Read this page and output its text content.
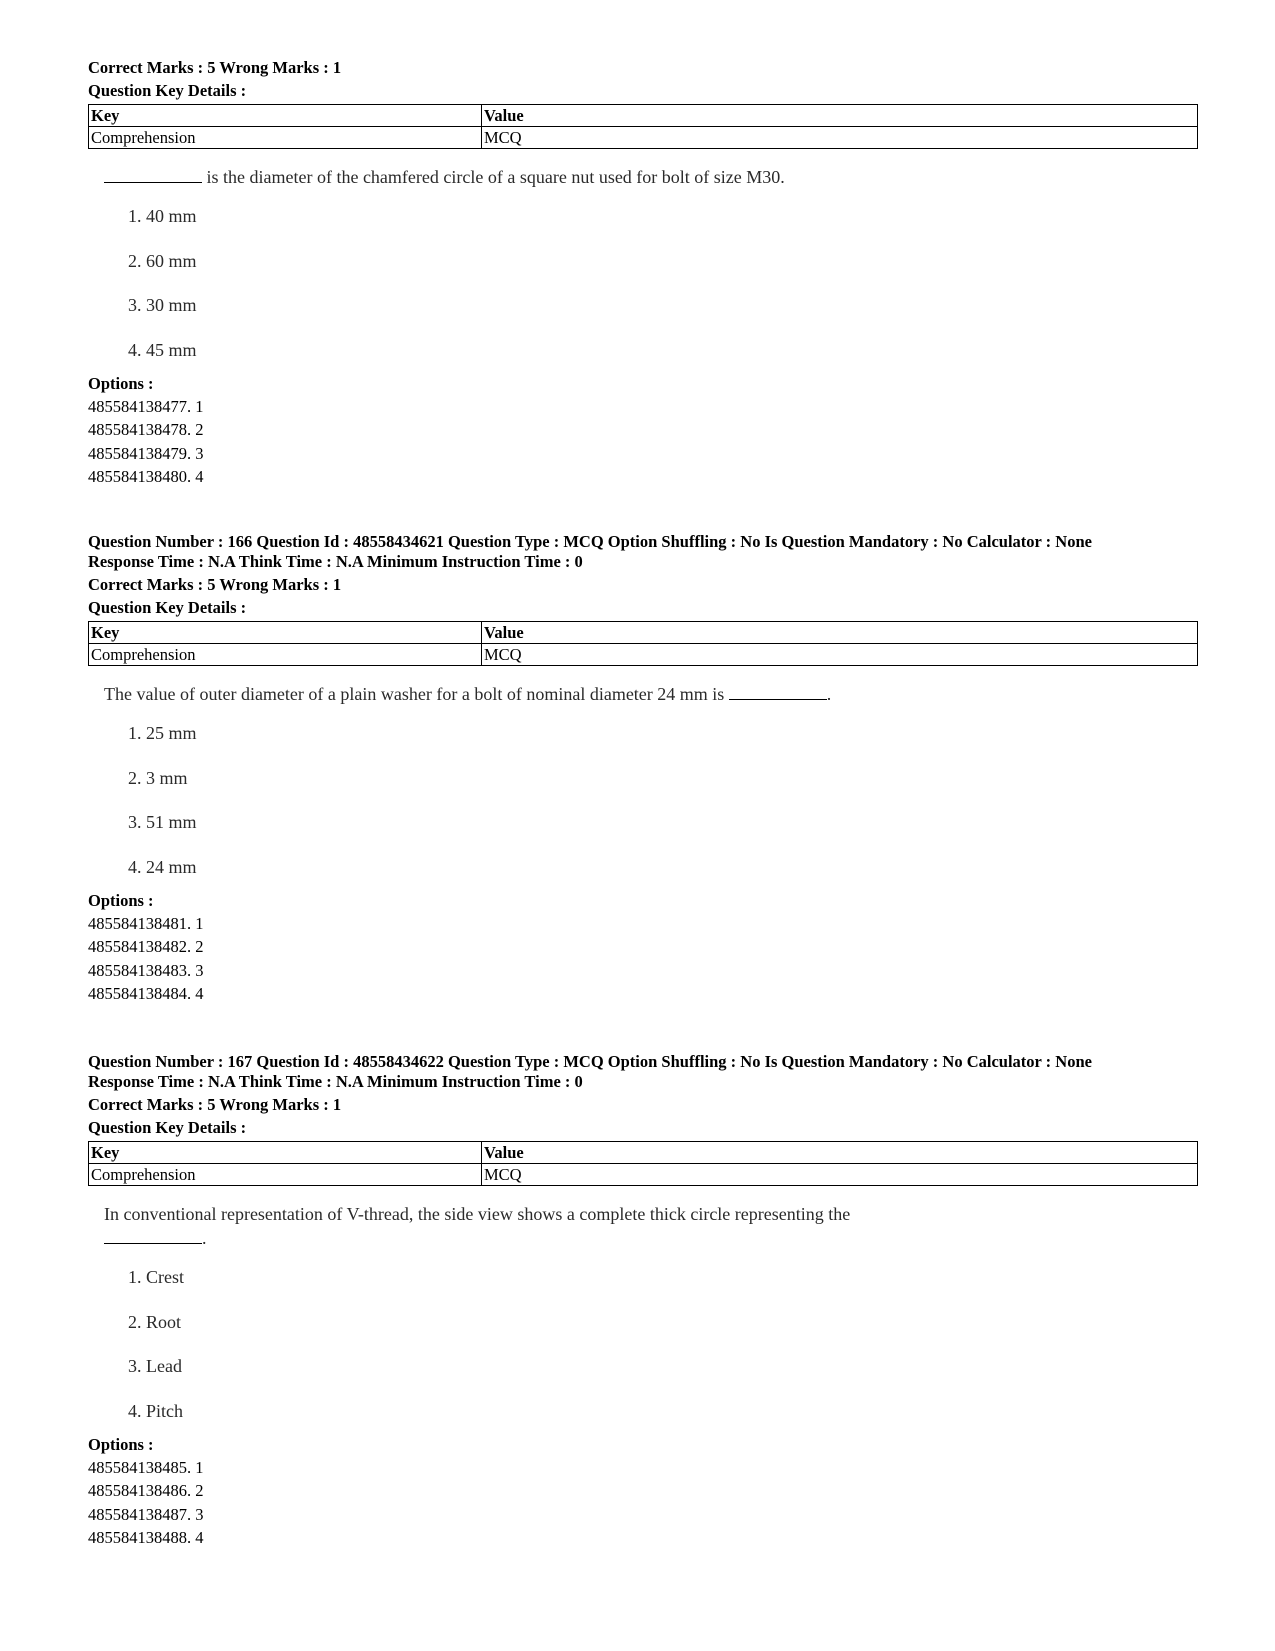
Correct Marks : 5 Wrong Marks : 1

Question Key Details :

Key	Value
Comprehension	MCQ

is the diameter of the chamfered circle of a square nut used for bolt of size M30.

1. 40 mm

2. 60 mm

3. 30 mm

4. 45 mm

Options :

485584138477. 1

485584138478. 2

485584138479. 3

485584138480. 4

Question Number : 166 Question Id : 48558434621 Question Type : MCQ Option Shuffling : No Is Question Mandatory : No Calculator : None

Response Time : N.A Think Time : N.A Minimum Instruction Time : 0

Correct Marks : 5 Wrong Marks : 1

Question Key Details :

Key	Value
Comprehension	MCQ

The value of outer diameter of a plain washer for a bolt of nominal diameter 24 mm is	.

1. 25 mm

2. 3 mm

3. 51 mm

4. 24 mm

Options :

485584138481. 1

485584138482. 2

485584138483. 3

485584138484. 4

Question Number : 167 Question Id : 48558434622 Question Type : MCQ Option Shuffling : No Is Question Mandatory : No Calculator : None

Response Time : N.A Think Time : N.A Minimum Instruction Time : 0

Correct Marks : 5 Wrong Marks : 1

Question Key Details :

Key	Value
Comprehension	MCQ

In conventional representation of V-thread, the side view shows a complete thick circle representing the
.

1. Crest

2. Root

3. Lead

4. Pitch

Options :

485584138485. 1

485584138486. 2

485584138487. 3

485584138488. 4
